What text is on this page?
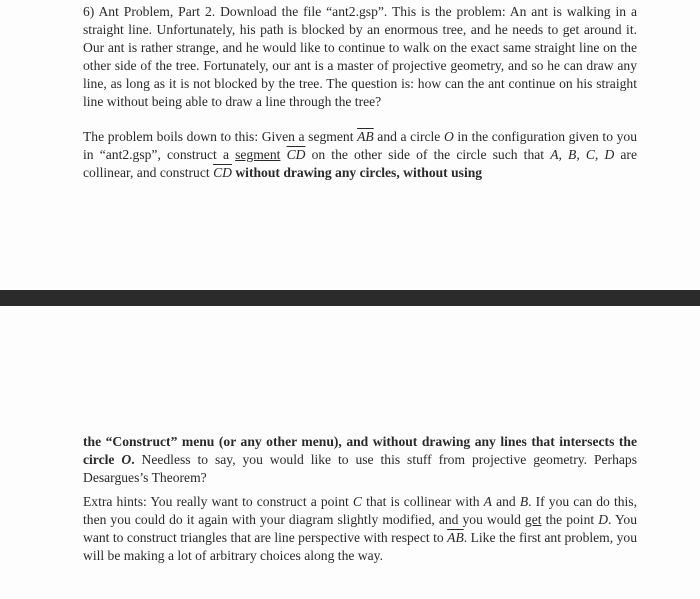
6) Ant Problem, Part 2. Download the file “ant2.gsp”. This is the problem: An ant is walking in a straight line. Unfortunately, his path is blocked by an enormous tree, and he needs to get around it. Our ant is rather strange, and he would like to continue to walk on the exact same straight line on the other side of the tree. Fortunately, our ant is a master of projective geometry, and so he can draw any line, as long as it is not blocked by the tree. The question is: how can the ant continue on his straight line without being able to draw a line through the tree?

The problem boils down to this: Given a segment $\overline{AB}$ and a circle O in the configuration given to you in “ant2.gsp”, construct a segment $\overline{CD}$ on the other side of the circle such that A, B, C, D are collinear, and construct $\overline{CD}$ without drawing any circles, without using

the “Construct” menu (or any other menu), and without drawing any lines that intersects the circle O. Needless to say, you would like to use this stuff from projective geometry. Perhaps Desargues’s Theorem?

Extra hints: You really want to construct a point C that is collinear with A and B. If you can do this, then you could do it again with your diagram slightly modified, and you would get the point D. You want to construct triangles that are line perspective with respect to $\overline{AB}$. Like the first ant problem, you will be making a lot of arbitrary choices along the way.
